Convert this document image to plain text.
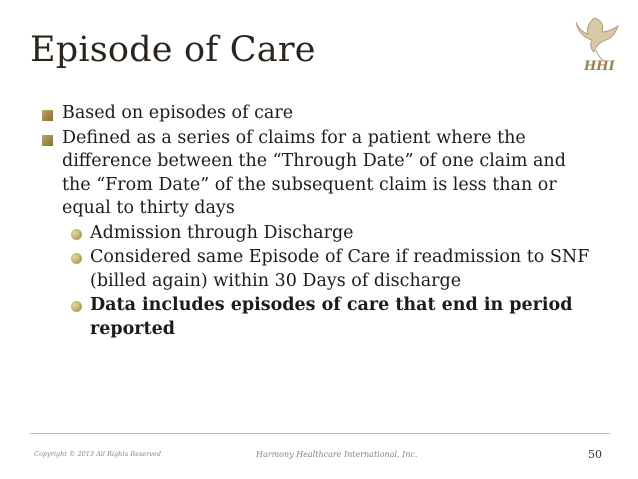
Episode of Care	HHI
Based on episodes of care
Defined as a series of claims for a patient where the difference between the “Through Date” of one claim and the “From Date” of the subsequent claim is less than or equal to thirty days
Admission through Discharge
Considered same Episode of Care if readmission to SNF (billed again) within 30 Days of discharge
Data includes episodes of care that end in period reported
Copyright © 2013 All Rights Reserved	Harmony Healthcare International, Inc.	50
